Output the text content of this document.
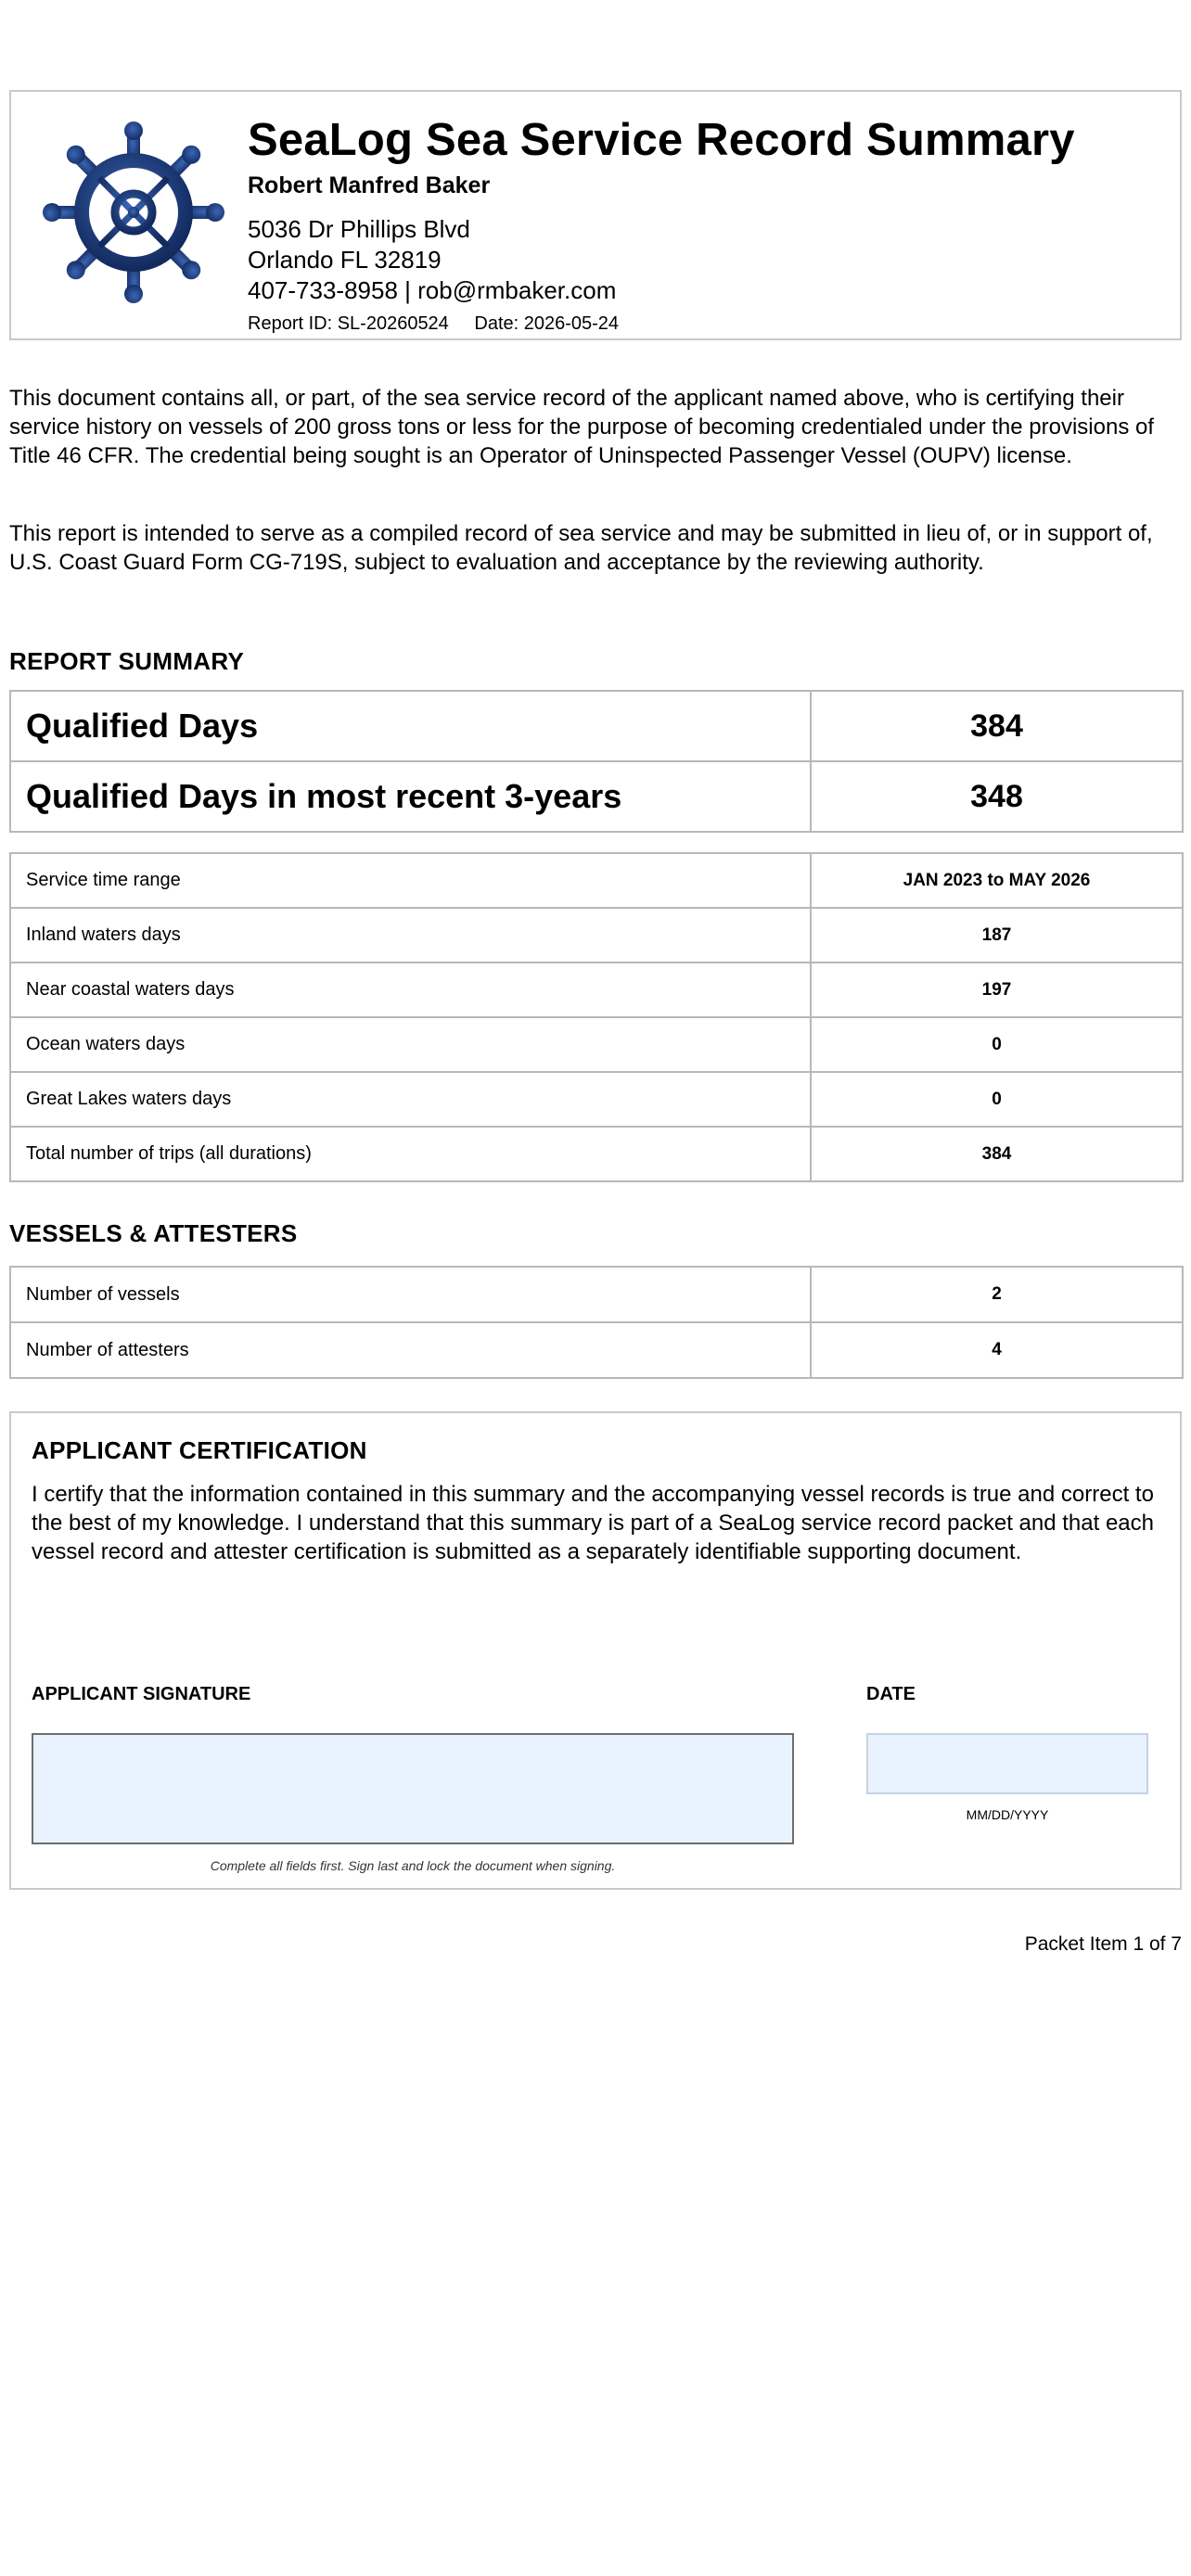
SeaLog Sea Service Record Summary
Robert Manfred Baker
5036 Dr Phillips Blvd
Orlando FL 32819
407-733-8958 | rob@rmbaker.com
Report ID: SL-20260524 Date: 2026-05-24

This document contains all, or part, of the sea service record of the applicant named above, who is certifying their service history on vessels of 200 gross tons or less for the purpose of becoming credentialed under the provisions of Title 46 CFR. The credential being sought is an Operator of Uninspected Passenger Vessel (OUPV) license.

This report is intended to serve as a compiled record of sea service and may be submitted in lieu of, or in support of, U.S. Coast Guard Form CG-719S, subject to evaluation and acceptance by the reviewing authority.

REPORT SUMMARY
Qualified Days	384
Qualified Days in most recent 3-years	348
Service time range	JAN 2023 to MAY 2026
Inland waters days	187
Near coastal waters days	197
Ocean waters days	0
Great Lakes waters days	0
Total number of trips (all durations)	384
VESSELS & ATTESTERS
Number of vessels	2
Number of attesters	4
APPLICANT CERTIFICATION
I certify that the information contained in this summary and the accompanying vessel records is true and correct to the best of my knowledge. I understand that this summary is part of a SeaLog service record packet and that each vessel record and attester certification is submitted as a separately identifiable supporting document.
APPLICANT SIGNATURE	DATE
MM/DD/YYYY
Complete all fields first. Sign last and lock the document when signing.
Packet Item 1 of 7
